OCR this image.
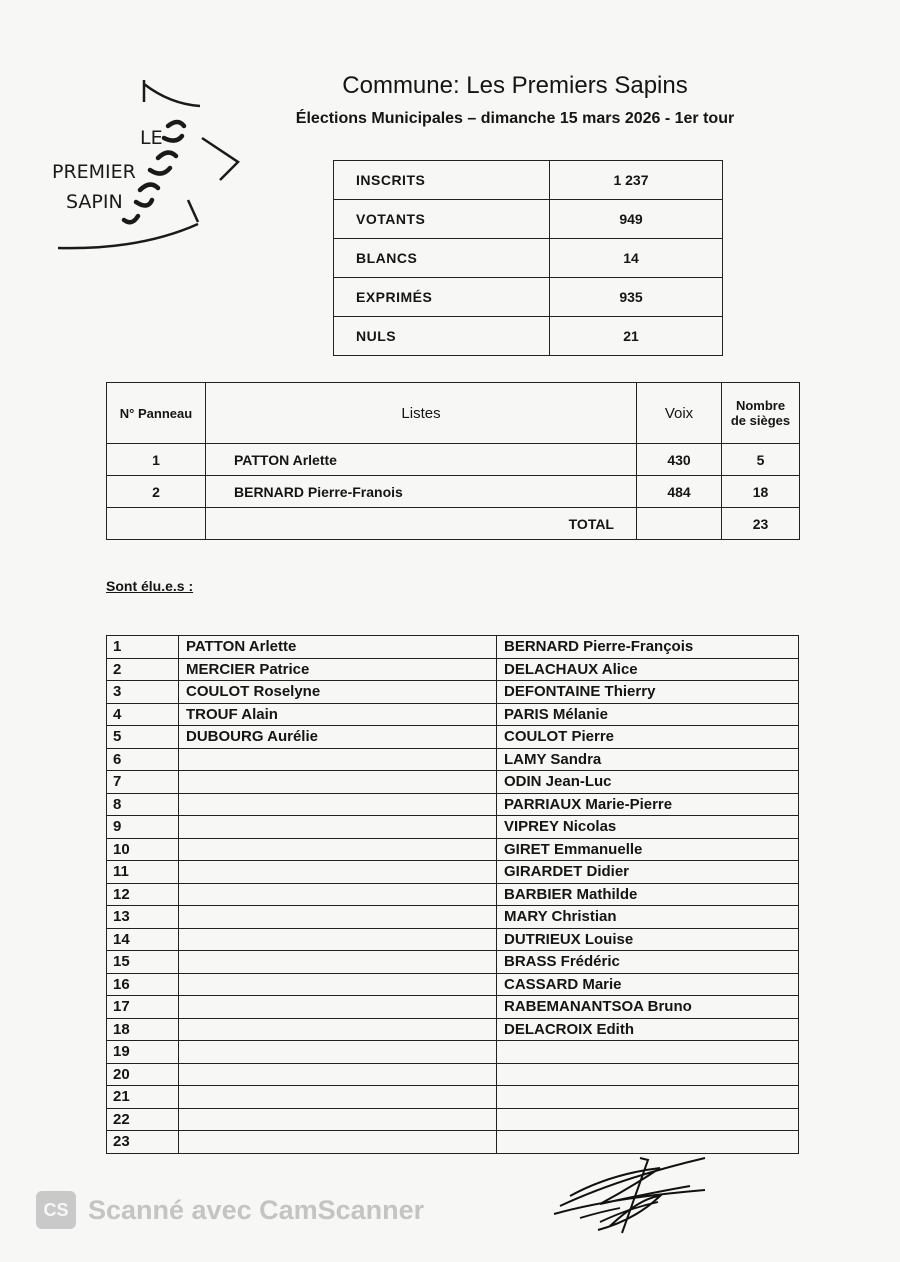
LE
PREMIER
SAPIN
Commune: Les Premiers Sapins
Élections Municipales – dimanche 15 mars 2026 - 1er tour
INSCRITS	1 237
VOTANTS	949
BLANCS	14
EXPRIMÉS	935
NULS	21
N° Panneau	Listes	Voix	Nombre
de sièges

1	PATTON Arlette	430	5
2	BERNARD Pierre-Franois	484	18
	TOTAL		23
Sont élu.e.s :
1	PATTON Arlette	BERNARD Pierre-François
2	MERCIER Patrice	DELACHAUX Alice
3	COULOT Roselyne	DEFONTAINE Thierry
4	TROUF Alain	PARIS Mélanie
5	DUBOURG Aurélie	COULOT Pierre
6		LAMY Sandra
7		ODIN Jean-Luc
8		PARRIAUX Marie-Pierre
9		VIPREY Nicolas
10		GIRET Emmanuelle
11		GIRARDET Didier
12		BARBIER Mathilde
13		MARY Christian
14		DUTRIEUX Louise
15		BRASS Frédéric
16		CASSARD Marie
17		RABEMANANTSOA Bruno
18		DELACROIX Edith
19		
20		
21		
22		
23		
CS Scanné avec CamScanner
